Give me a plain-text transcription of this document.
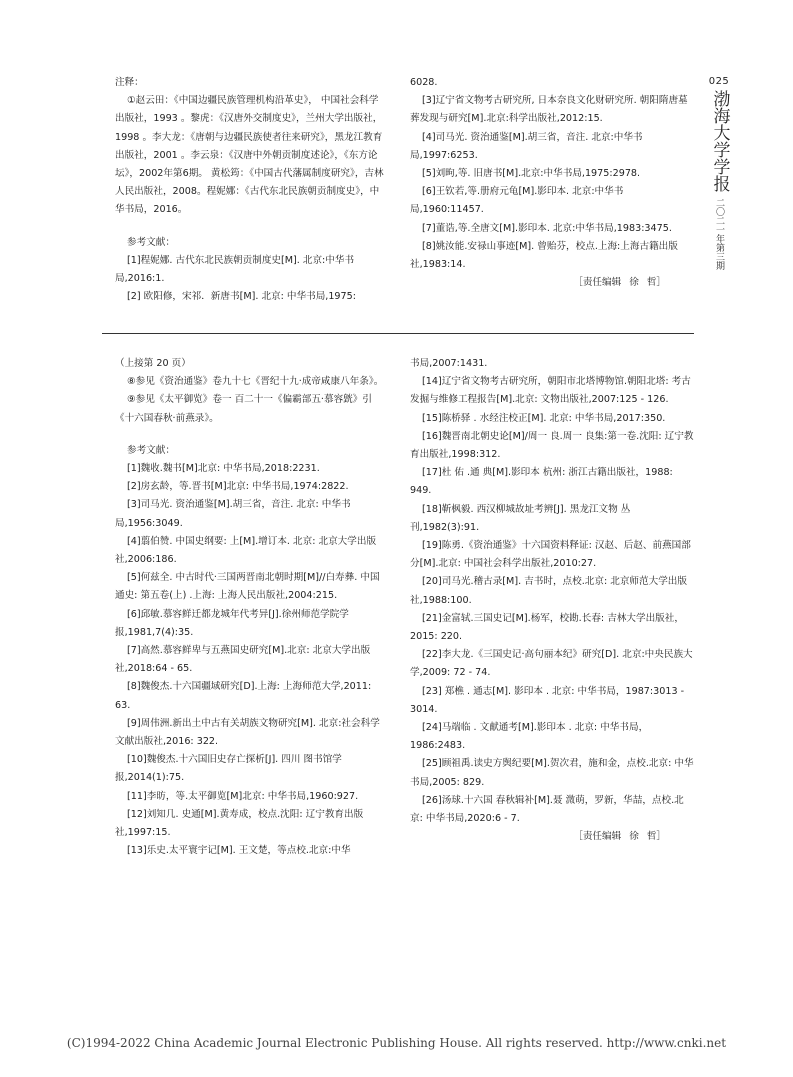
025
渤海大学学报
二〇二一年第三期

注释：

①赵云田：《中国边疆民族管理机构沿革史》， 中国社会科学出版社，1993 。黎虎：《汉唐外交制度史》，兰州大学出版社，1998 。李大龙：《唐朝与边疆民族使者往来研究》，黑龙江教育出版社，2001 。李云泉：《汉唐中外朝贡制度述论》，《东方论坛》，2002年第6期。 黄松筠：《中国古代藩属制度研究》，吉林人民出版社，2008。程妮娜：《古代东北民族朝贡制度史》，中华书局，2016。

参考文献：

[1]程妮娜. 古代东北民族朝贡制度史[M]. 北京:中华书局,2016:1.

[2] 欧阳修，宋祁．新唐书[M]. 北京: 中华书局,1975:

6028.

[3]辽宁省文物考古研究所, 日本奈良文化财研究所. 朝阳隋唐墓葬发现与研究[M].北京:科学出版社,2012:15.

[4]司马光. 资治通鉴[M].胡三省，音注. 北京:中华书局,1997:6253.

[5]刘昫,等. 旧唐书[M].北京:中华书局,1975:2978.

[6]王钦若,等.册府元龟[M].影印本. 北京:中华书局,1960:11457.

[7]董诰,等.全唐文[M].影印本. 北京:中华书局,1983:3475.

[8]姚汝能.安禄山事迹[M]. 曾贻芬，校点.上海:上海古籍出版社,1983:14.

［责任编辑 徐 哲］

（上接第 20 页）

⑧参见《资治通鉴》卷九十七《晋纪十九·成帝咸康八年条》。

⑨参见《太平御览》卷一 百二十一《偏霸部五·慕容皝》引《十六国春秋·前燕录》。

参考文献：

[1]魏收.魏书[M]北京: 中华书局,2018:2231.

[2]房玄龄，等.晋书[M]北京: 中华书局,1974:2822.

[3]司马光. 资治通鉴[M].胡三省，音注. 北京: 中华书局,1956:3049.

[4]翦伯赞. 中国史纲要: 上[M].增订本. 北京: 北京大学出版社,2006:186.

[5]何兹全. 中古时代·三国两晋南北朝时期[M]//白寿彝. 中国通史: 第五卷(上) .上海: 上海人民出版社,2004:215.

[6]邱敏.慕容鲜迁都龙城年代考异[J].徐州师范学院学报,1981,7(4):35.

[7]高然.慕容鲜卑与五燕国史研究[M].北京: 北京大学出版社,2018:64 - 65.

[8]魏俊杰.十六国疆域研究[D].上海: 上海师范大学,2011: 63.

[9]周伟洲.新出土中古有关胡族文物研究[M]. 北京:社会科学文献出版社,2016: 322.

[10]魏俊杰.十六国旧史存亡探析[J]. 四川 图书馆学报,2014(1):75.

[11]李昉，等.太平御览[M]北京: 中华书局,1960:927.

[12]刘知几. 史通[M].黄寿成，校点.沈阳: 辽宁教育出版社,1997:15.

[13]乐史.太平寰宇记[M]. 王文楚，等点校.北京:中华

书局,2007:1431.

[14]辽宁省文物考古研究所，朝阳市北塔博物馆.朝阳北塔: 考古发掘与维修工程报告[M].北京: 文物出版社,2007:125 - 126.

[15]陈桥驿 . 水经注校正[M]. 北京: 中华书局,2017:350.

[16]魏晋南北朝史论[M]/周一 良.周一 良集:第一卷.沈阳: 辽宁教育出版社,1998:312.

[17]杜 佑 .通 典[M].影印本 杭州: 浙江古籍出版社，1988: 949.

[18]靳枫毅. 西汉柳城故址考辨[J]. 黑龙江文物 丛刊,1982(3):91.

[19]陈勇.《资治通鉴》十六国资料释证: 汉赵、后赵、前燕国部分[M].北京: 中国社会科学出版社,2010:27.

[20]司马光.稽古录[M]. 吉书时，点校.北京: 北京师范大学出版社,1988:100.

[21]金富轼.三国史记[M].杨军，校勘.长春: 吉林大学出版社，2015: 220.

[22]李大龙.《三国史记·高句丽本纪》研究[D]. 北京:中央民族大学,2009: 72 - 74.

[23] 郑樵 . 通志[M]. 影印本 . 北京: 中华书局，1987:3013 - 3014.

[24]马端临 . 文献通考[M].影印本 . 北京: 中华书局，1986:2483.

[25]顾祖禹.读史方舆纪要[M].贺次君，施和金，点校.北京: 中华书局,2005: 829.

[26]汤球.十六国 春秋辑补[M].聂 溦萌，罗新，华喆，点校.北京: 中华书局,2020:6 - 7.

［责任编辑 徐 哲］

(C)1994-2022 China Academic Journal Electronic Publishing House. All rights reserved. http://www.cnki.net
